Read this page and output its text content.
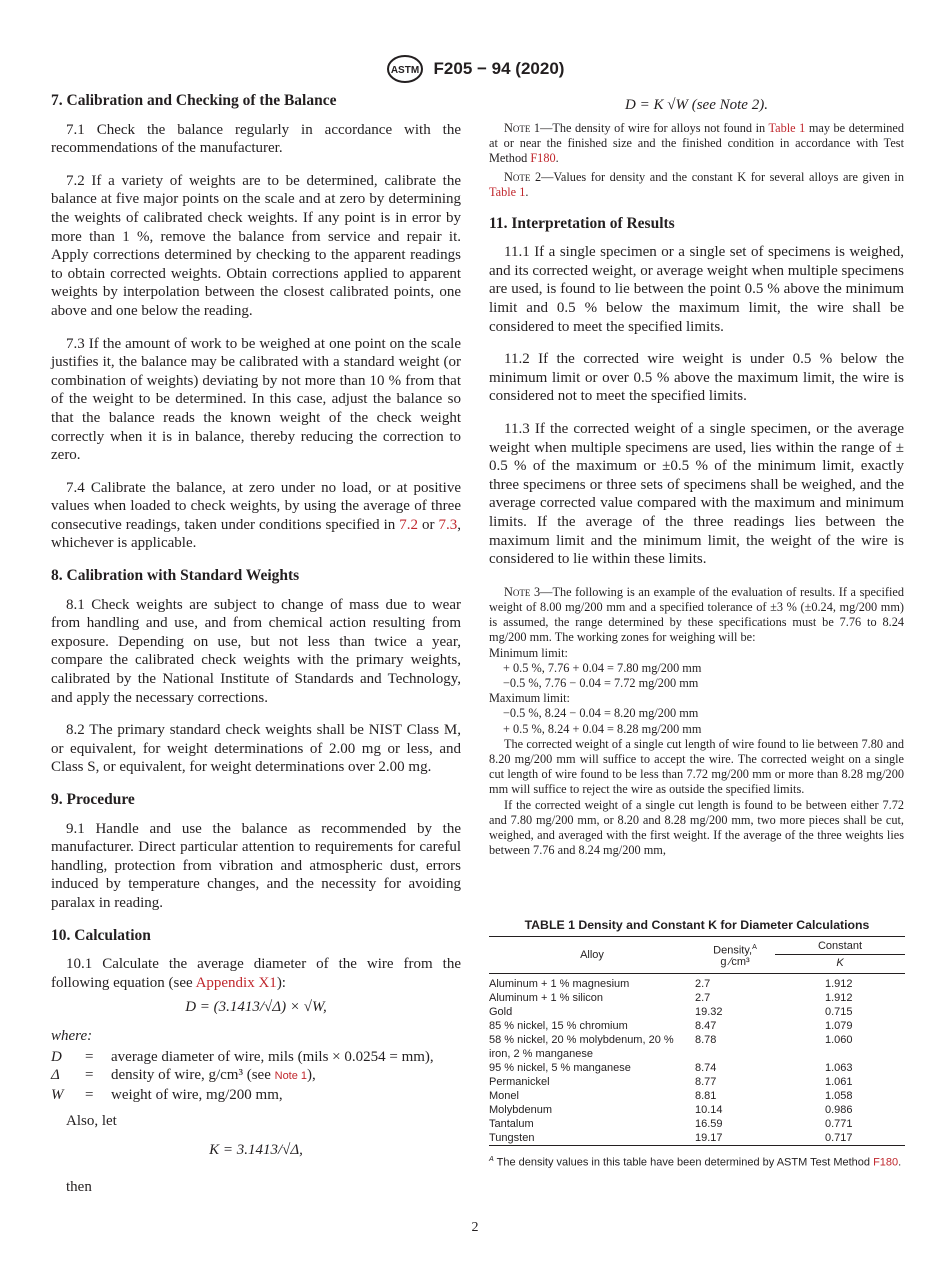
ASTM F205 − 94 (2020)
7. Calibration and Checking of the Balance

7.1 Check the balance regularly in accordance with the recommendations of the manufacturer.

7.2 If a variety of weights are to be determined, calibrate the balance at five major points on the scale and at zero by determining the weights of calibrated check weights. If any point is in error by more than 1 %, remove the balance from service and repair it. Apply corrections determined by checking to the apparent readings to obtain corrected weights. Obtain corrections applied to apparent weights by interpolation between the closest calibrated points, one above and one below the reading.

7.3 If the amount of work to be weighed at one point on the scale justifies it, the balance may be calibrated with a standard weight (or combination of weights) deviating by not more than 10 % from that of the weight to be determined. In this case, adjust the balance so that the balance reads the known weight of the check weight correctly when it is in balance, thereby reducing the correction to zero.

7.4 Calibrate the balance, at zero under no load, or at positive values when loaded to check weights, by using the average of three consecutive readings, taken under conditions specified in 7.2 or 7.3, whichever is applicable.

8. Calibration with Standard Weights

8.1 Check weights are subject to change of mass due to wear from handling and use, and from chemical action resulting from exposure. Depending on use, but not less than twice a year, compare the calibrated check weights with the primary weights, calibrated by the National Institute of Standards and Technology, and apply the necessary corrections.

8.2 The primary standard check weights shall be NIST Class M, or equivalent, for weight determinations of 2.00 mg or less, and Class S, or equivalent, for weight determinations over 2.00 mg.

9. Procedure

9.1 Handle and use the balance as recommended by the manufacturer. Direct particular attention to requirements for careful handling, protection from vibration and atmospheric dust, errors induced by temperature changes, and the necessity for avoiding paralax in reading.

10. Calculation

10.1 Calculate the average diameter of the wire from the following equation (see Appendix X1):

D = (3.1413/√Δ) × √W,
where:
D	=	average diameter of wire, mils (mils × 0.0254 = mm),
Δ	=	density of wire, g/cm³ (see Note 1),
W	=	weight of wire, mg/200 mm,

Also, let

K = 3.1413/√Δ,

then

D = K √W (see Note 2).

Note 1—The density of wire for alloys not found in Table 1 may be determined at or near the finished size and the finished condition in accordance with Test Method F180.

Note 2—Values for density and the constant K for several alloys are given in Table 1.

11. Interpretation of Results

11.1 If a single specimen or a single set of specimens is weighed, and its corrected weight, or average weight when multiple specimens are used, is found to lie between the point 0.5 % above the minimum limit and 0.5 % below the maximum limit, the wire shall be considered to meet the specified limits.

11.2 If the corrected wire weight is under 0.5 % below the minimum limit or over 0.5 % above the maximum limit, the wire is considered not to meet the specified limits.

11.3 If the corrected weight of a single specimen, or the average weight when multiple specimens are used, lies within the range of ± 0.5 % of the maximum or ±0.5 % of the minimum limit, exactly three specimens or three sets of specimens shall be weighed, and the average corrected value compared with the maximum and minimum limits. If the average of the three readings lies between the maximum limit and the minimum limit, the weight of the wire is considered to lie within these limits.

Note 3—The following is an example of the evaluation of results. If a specified weight of 8.00 mg/200 mm and a specified tolerance of ±3 % (±0.24, mg/200 mm) is assumed, the range determined by these specifications must be 7.76 to 8.24 mg/200 mm. The working zones for weighing will be:

Minimum limit:

+ 0.5 %, 7.76 + 0.04 = 7.80 mg/200 mm

−0.5 %, 7.76 − 0.04 = 7.72 mg/200 mm

Maximum limit:

−0.5 %, 8.24 − 0.04 = 8.20 mg/200 mm

+ 0.5 %, 8.24 + 0.04 = 8.28 mg/200 mm

The corrected weight of a single cut length of wire found to lie between 7.80 and 8.20 mg/200 mm will suffice to accept the wire. The corrected weight on a single cut length of wire found to be less than 7.72 mg/200 mm or more than 8.28 mg/200 mm will suffice to reject the wire as outside the specified limits.

If the corrected weight of a single cut length is found to be between either 7.72 and 7.80 mg/200 mm, or 8.20 and 8.28 mg/200 mm, two more pieces shall be cut, weighed, and averaged with the first weight. If the average of the three weights lies between 7.76 and 8.24 mg/200 mm,

TABLE 1 Density and Constant K for Diameter Calculations
Alloy	Density,$^A$
g ⁄cm³	Constant
		K
Aluminum + 1 % magnesium	2.7	1.912
Aluminum + 1 % silicon	2.7	1.912
Gold	19.32	0.715
85 % nickel, 15 % chromium	8.47	1.079
58 % nickel, 20 % molybdenum, 20 % iron, 2 % manganese	8.78	1.060
95 % nickel, 5 % manganese	8.74	1.063
Permanickel	8.77	1.061
Monel	8.81	1.058
Molybdenum	10.14	0.986
Tantalum	16.59	0.771
Tungsten	19.17	0.717
$^A$ The density values in this table have been determined by ASTM Test Method F180.
2
